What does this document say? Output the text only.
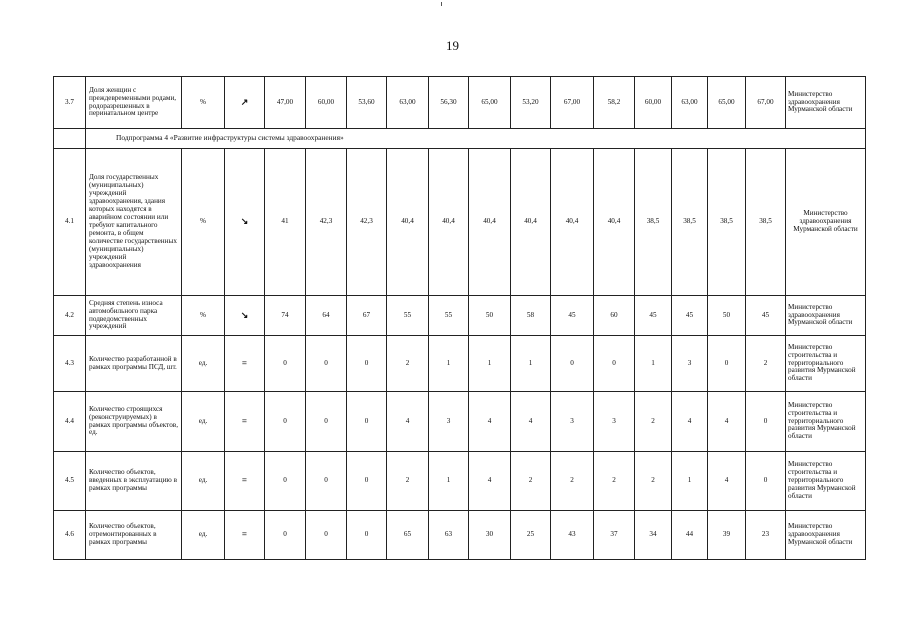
19
3.7	Доля женщин с преждевременными родами, родоразрешенных в перинатальном центре	%	↗	47,00	60,00	53,60	63,00	56,30	65,00	53,20	67,00	58,2	60,00	63,00	65,00	67,00	Министерство здравоохранения Мурманской области
	Подпрограмма 4 «Развитие инфраструктуры системы здравоохранения»																
4.1	Доля государственных (муниципальных) учреждений здравоохранения, здания которых находятся в аварийном состоянии или требуют капитального ремонта, в общем количестве государственных (муниципальных) учреждений здравоохранения	%	↘	41	42,3	42,3	40,4	40,4	40,4	40,4	40,4	40,4	38,5	38,5	38,5	38,5	Министерство здравоохранения Мурманской области
4.2	Средняя степень износа автомобильного парка подведомственных учреждений	%	↘	74	64	67	55	55	50	58	45	60	45	45	50	45	Министерство здравоохранения Мурманской области
4.3	Количество разработанной в рамках программы ПСД, шт.	ед.	=	0	0	0	2	1	1	1	0	0	1	3	0	2	Министерство строительства и территориального развития Мурманской области
4.4	Количество строящихся (реконструируемых) в рамках программы объектов, ед.	ед.	=	0	0	0	4	3	4	4	3	3	2	4	4	0	Министерство строительства и территориального развития Мурманской области
4.5	Количество объектов, введенных в эксплуатацию в рамках программы	ед.	=	0	0	0	2	1	4	2	2	2	2	1	4	0	Министерство строительства и территориального развития Мурманской области
4.6	Количество объектов, отремонтированных в рамках программы	ед.	=	0	0	0	65	63	30	25	43	37	34	44	39	23	Министерство здравоохранения Мурманской области
